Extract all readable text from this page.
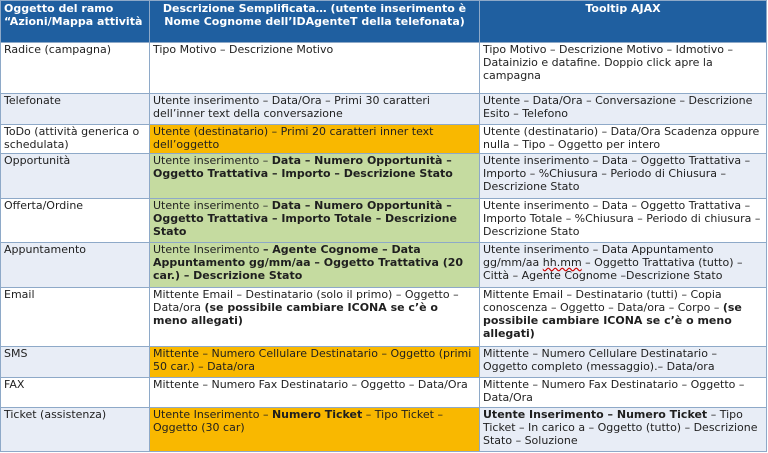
Oggetto del ramo “Azioni/Mappa attività	Descrizione Semplificata… (utente inserimento è Nome Cognome dell’IDAgenteT della telefonata)	Tooltip AJAX
Radice (campagna)	Tipo Motivo – Descrizione Motivo	Tipo Motivo – Descrizione Motivo – Idmotivo – Datainizio e datafine. Doppio click apre la campagna
Telefonate	Utente inserimento – Data/Ora – Primi 30 caratteri dell’inner text della conversazione	Utente – Data/Ora – Conversazione – Descrizione Esito – Telefono
ToDo (attività generica o schedulata)	Utente (destinatario) – Primi 20 caratteri inner text dell’oggetto	Utente (destinatario) – Data/Ora Scadenza oppure nulla – Tipo – Oggetto per intero
Opportunità	Utente inserimento – Data – Numero Opportunità – Oggetto Trattativa – Importo – Descrizione Stato	Utente inserimento – Data – Oggetto Trattativa – Importo – %Chiusura – Periodo di Chiusura – Descrizione Stato
Offerta/Ordine	Utente inserimento – Data – Numero Opportunità – Oggetto Trattativa – Importo Totale – Descrizione Stato	Utente inserimento – Data – Oggetto Trattativa – Importo Totale – %Chiusura – Periodo di chiusura – Descrizione Stato
Appuntamento	Utente Inserimento – Agente Cognome – Data Appuntamento gg/mm/aa – Oggetto Trattativa (20 car.) – Descrizione Stato	Utente inserimento – Data Appuntamento gg/mm/aa hh.mm – Oggetto Trattativa (tutto) – Città – Agente Cognome –Descrizione Stato
Email	Mittente Email – Destinatario (solo il primo) – Oggetto – Data/ora (se possibile cambiare ICONA se c’è o meno allegati)	Mittente Email – Destinatario (tutti) – Copia conoscenza – Oggetto – Data/ora – Corpo – (se possibile cambiare ICONA se c’è o meno allegati)
SMS	Mittente – Numero Cellulare Destinatario – Oggetto (primi 50 car.) – Data/ora	Mittente – Numero Cellulare Destinatario – Oggetto completo (messaggio).– Data/ora
FAX	Mittente – Numero Fax Destinatario – Oggetto – Data/Ora	Mittente – Numero Fax Destinatario – Oggetto – Data/Ora
Ticket (assistenza)	Utente Inserimento – Numero Ticket – Tipo Ticket – Oggetto (30 car)	Utente Inserimento – Numero Ticket – Tipo Ticket – In carico a – Oggetto (tutto) – Descrizione Stato – Soluzione
